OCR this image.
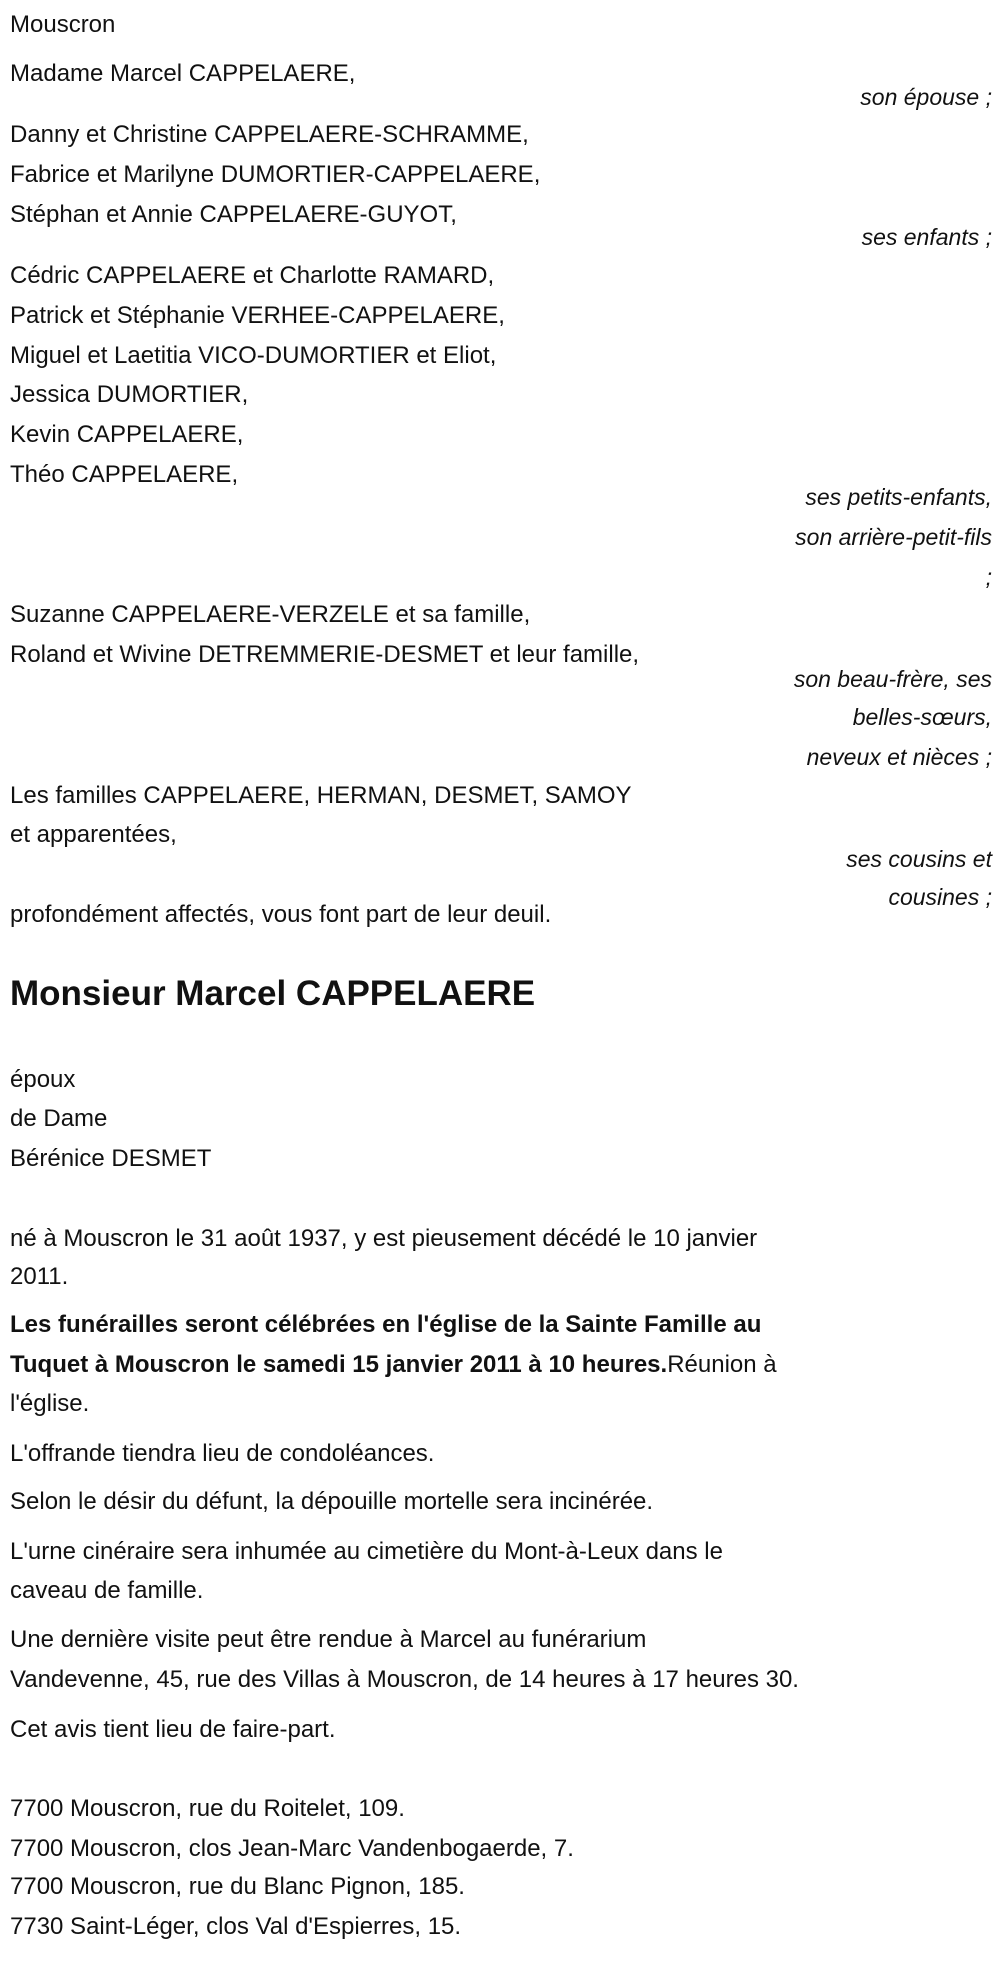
Mouscron
Madame Marcel CAPPELAERE,
son épouse ;
Danny et Christine CAPPELAERE-SCHRAMME,
Fabrice et Marilyne DUMORTIER-CAPPELAERE,
Stéphan et Annie CAPPELAERE-GUYOT,
ses enfants ;
Cédric CAPPELAERE et Charlotte RAMARD,
Patrick et Stéphanie VERHEE-CAPPELAERE,
Miguel et Laetitia VICO-DUMORTIER et Eliot,
Jessica DUMORTIER,
Kevin CAPPELAERE,
Théo CAPPELAERE,
ses petits-enfants,
son arrière-petit-fils
;
Suzanne CAPPELAERE-VERZELE et sa famille,
Roland et Wivine DETREMMERIE-DESMET et leur famille,
son beau-frère, ses
belles-sœurs,
neveux et nièces ;
Les familles CAPPELAERE, HERMAN, DESMET, SAMOY
et apparentées,
ses cousins et
cousines ;
profondément affectés, vous font part de leur deuil.
Monsieur Marcel CAPPELAERE
époux
de Dame
Bérénice DESMET
né à Mouscron le 31 août 1937, y est pieusement décédé le 10 janvier
2011.
Les funérailles seront célébrées en l'église de la Sainte Famille au
Tuquet à Mouscron le samedi 15 janvier 2011 à 10 heures.Réunion à
l'église.
L'offrande tiendra lieu de condoléances.
Selon le désir du défunt, la dépouille mortelle sera incinérée.
L'urne cinéraire sera inhumée au cimetière du Mont-à-Leux dans le
caveau de famille.
Une dernière visite peut être rendue à Marcel au funérarium
Vandevenne, 45, rue des Villas à Mouscron, de 14 heures à 17 heures 30.
Cet avis tient lieu de faire-part.
7700 Mouscron, rue du Roitelet, 109.
7700 Mouscron, clos Jean-Marc Vandenbogaerde, 7.
7700 Mouscron, rue du Blanc Pignon, 185.
7730 Saint-Léger, clos Val d'Espierres, 15.
